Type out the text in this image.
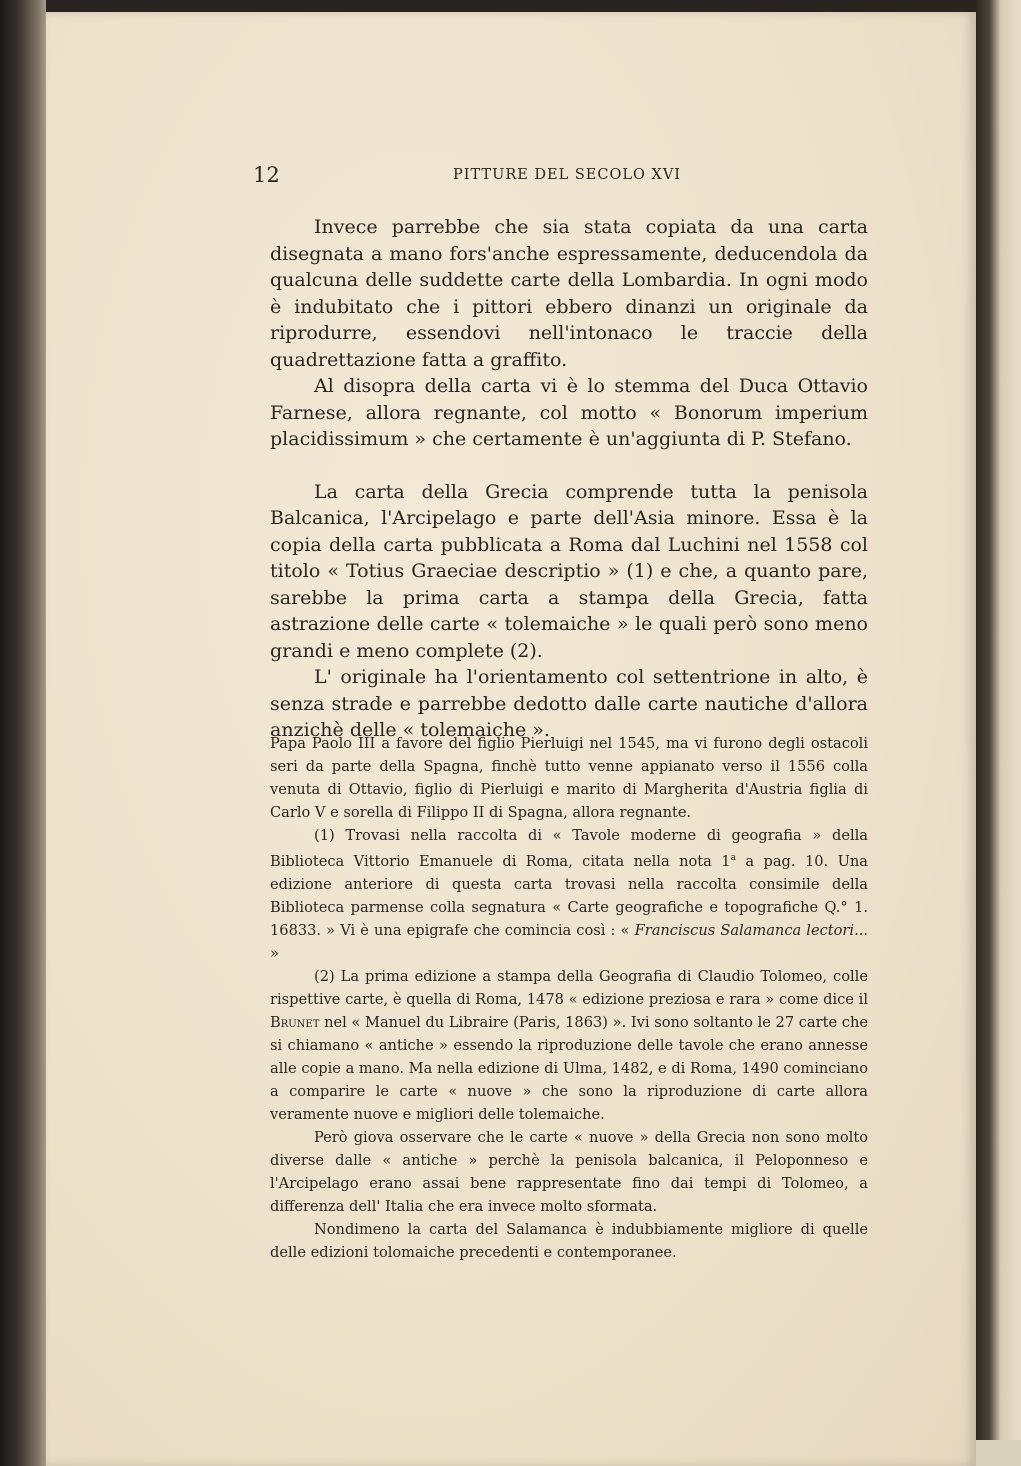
12	PITTURE DEL SECOLO XVI

Invece parrebbe che sia stata copiata da una carta disegnata a mano fors'anche espressamente, deducendola da qualcuna delle suddette carte della Lombardia. In ogni modo è indubitato che i pittori ebbero dinanzi un originale da riprodurre, essendovi nell'intonaco le traccie della quadrettazione fatta a graffito.

Al disopra della carta vi è lo stemma del Duca Ottavio Farnese, allora regnante, col motto « Bonorum imperium placidissimum » che certamente è un'aggiunta di P. Stefano.

La carta della Grecia comprende tutta la penisola Balcanica, l'Arcipelago e parte dell'Asia minore. Essa è la copia della carta pubblicata a Roma dal Luchini nel 1558 col titolo « Totius Graeciae descriptio » (1) e che, a quanto pare, sarebbe la prima carta a stampa della Grecia, fatta astrazione delle carte « tolemaiche » le quali però sono meno grandi e meno complete (2).

L' originale ha l'orientamento col settentrione in alto, è senza strade e parrebbe dedotto dalle carte nautiche d'allora anzichè delle « tolemaiche ».

Papa Paolo III a favore del figlio Pierluigi nel 1545, ma vi furono degli ostacoli seri da parte della Spagna, finchè tutto venne appianato verso il 1556 colla venuta di Ottavio, figlio di Pierluigi e marito di Margherita d'Austria figlia di Carlo V e sorella di Filippo II di Spagna, allora regnante.

(1) Trovasi nella raccolta di « Tavole moderne di geografia » della Biblioteca Vittorio Emanuele di Roma, citata nella nota 1$^a$ a pag. 10. Una edizione anteriore di questa carta trovasi nella raccolta consimile della Biblioteca parmense colla segnatura « Carte geografiche e topografiche Q.° 1. 16833. » Vi è una epigrafe che comincia così : « Franciscus Salamanca lectori... »

(2) La prima edizione a stampa della Geografia di Claudio Tolomeo, colle rispettive carte, è quella di Roma, 1478 « edizione preziosa e rara » come dice il Brunet nel « Manuel du Libraire (Paris, 1863) ». Ivi sono soltanto le 27 carte che si chiamano « antiche » essendo la riproduzione delle tavole che erano annesse alle copie a mano. Ma nella edizione di Ulma, 1482, e di Roma, 1490 cominciano a comparire le carte « nuove » che sono la riproduzione di carte allora veramente nuove e migliori delle tolemaiche.

Però giova osservare che le carte « nuove » della Grecia non sono molto diverse dalle « antiche » perchè la penisola balcanica, il Peloponneso e l'Arcipelago erano assai bene rappresentate fino dai tempi di Tolomeo, a differenza dell' Italia che era invece molto sformata.

Nondimeno la carta del Salamanca è indubbiamente migliore di quelle delle edizioni tolomaiche precedenti e contemporanee.
